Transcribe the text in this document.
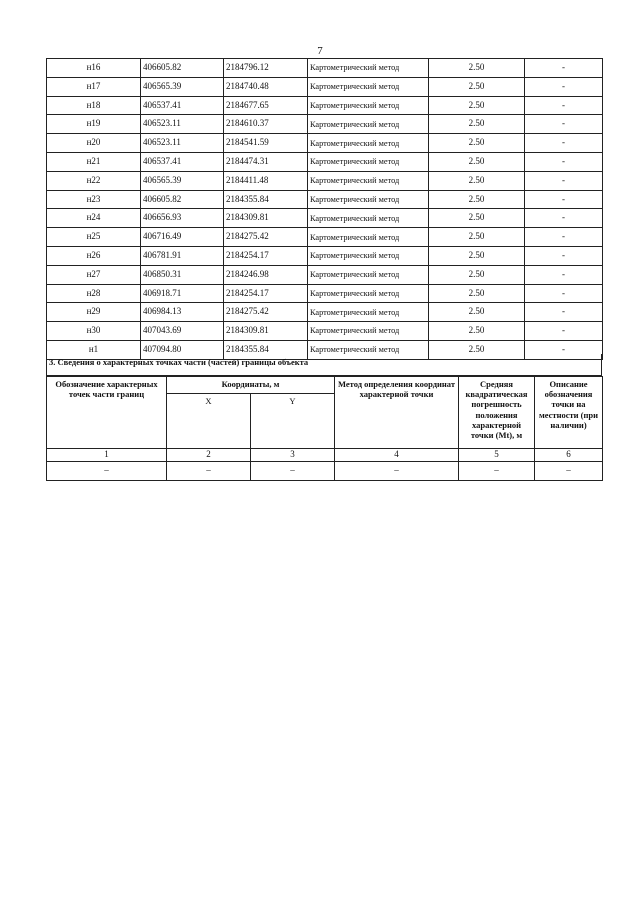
7
н16	406605.82	2184796.12	Картометрический метод	2.50	-
н17	406565.39	2184740.48	Картометрический метод	2.50	-
н18	406537.41	2184677.65	Картометрический метод	2.50	-
н19	406523.11	2184610.37	Картометрический метод	2.50	-
н20	406523.11	2184541.59	Картометрический метод	2.50	-
н21	406537.41	2184474.31	Картометрический метод	2.50	-
н22	406565.39	2184411.48	Картометрический метод	2.50	-
н23	406605.82	2184355.84	Картометрический метод	2.50	-
н24	406656.93	2184309.81	Картометрический метод	2.50	-
н25	406716.49	2184275.42	Картометрический метод	2.50	-
н26	406781.91	2184254.17	Картометрический метод	2.50	-
н27	406850.31	2184246.98	Картометрический метод	2.50	-
н28	406918.71	2184254.17	Картометрический метод	2.50	-
н29	406984.13	2184275.42	Картометрический метод	2.50	-
н30	407043.69	2184309.81	Картометрический метод	2.50	-
н1	407094.80	2184355.84	Картометрический метод	2.50	-
3. Сведения о характерных точках части (частей) границы объекта
Обозначение характерных точек части границ	Координаты, м		Метод определения координат характерной точки	Средняя квадратическая погрешность положения характерной точки (Mt), м	Описание обозначения точки на местности (при наличии)
	X	Y			
1	2	3	4	5	6
–	–	–	–	–	–
